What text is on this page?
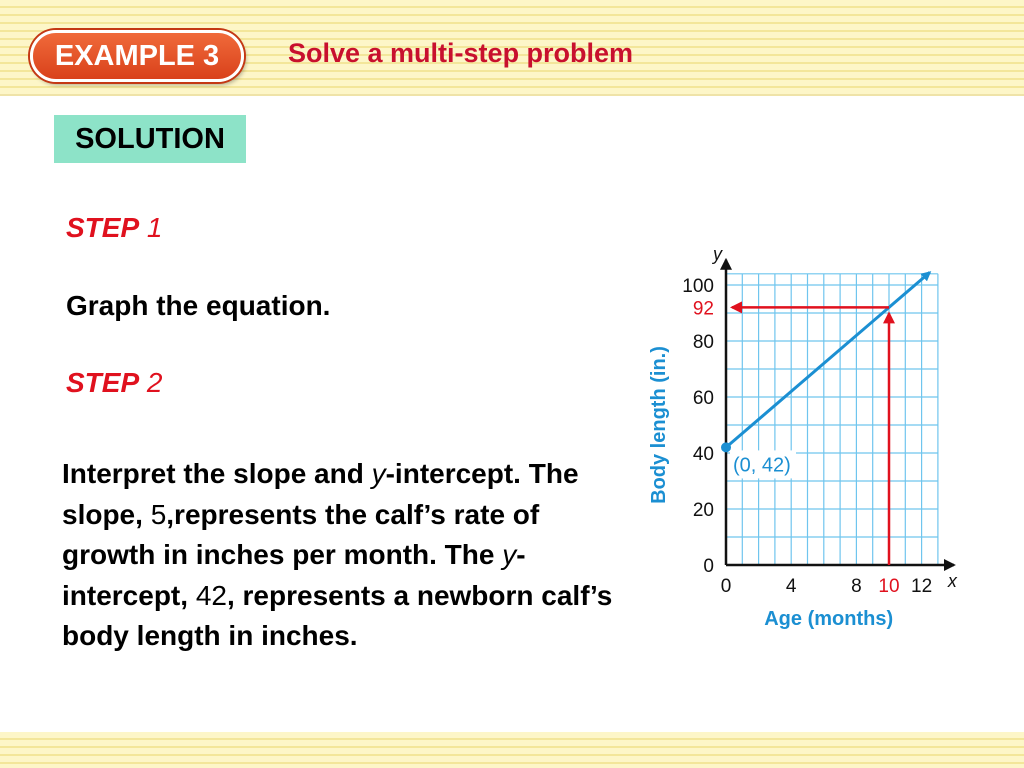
EXAMPLE 3	Solve a multi-step problem
SOLUTION
STEP 1
Graph the equation.
STEP 2
Interpret the slope and y-intercept. The slope, 5,represents the calf’s rate of growth in inches per month. The y-intercept, 42, represents a newborn calf’s body length in inches.
x
y
0	4	8 10 12
0
20
40
60
80
92
100
Age (months)
Body length (in.)	(0, 42)
